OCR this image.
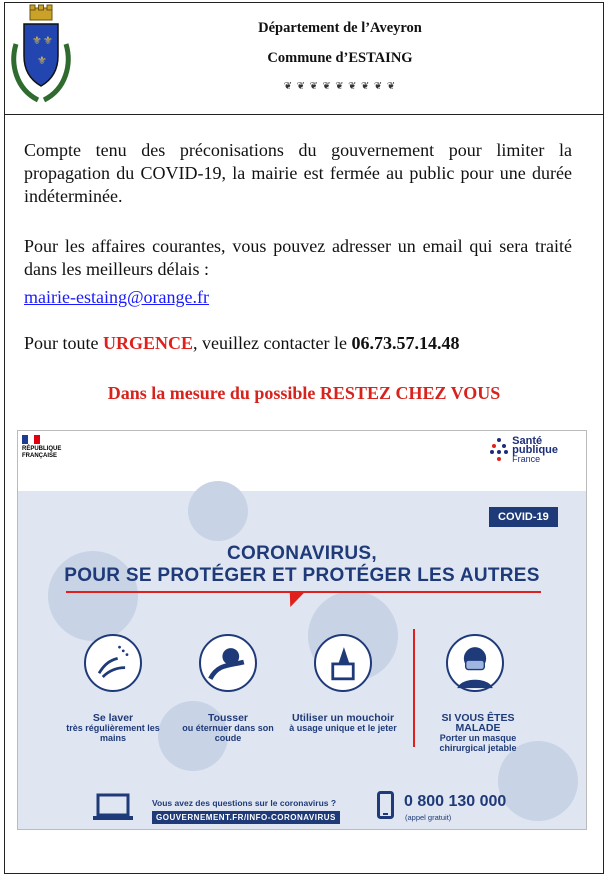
⚜ ⚜
⚜
Département de l’Aveyron
Commune d’ESTAING
❦ ❦ ❦ ❦ ❦ ❦ ❦ ❦ ❦
Compte tenu des préconisations du gouvernement pour limiter la propagation du COVID-19, la mairie est fermée au public pour une durée indéterminée.
Pour les affaires courantes, vous pouvez adresser un email qui sera traité dans les meilleurs délais :
mairie-estaing@orange.fr
Pour toute URGENCE, veuillez contacter le 06.73.57.14.48
Dans la mesure du possible RESTEZ CHEZ VOUS
RÉPUBLIQUE
FRANÇAISE
Santé
publique
France
COVID-19
CORONAVIRUS,
POUR SE PROTÉGER ET PROTÉGER LES AUTRES
Se laver
très régulièrement les mains
Tousser
ou éternuer dans son coude
Utiliser un mouchoir
à usage unique et le jeter
SI VOUS ÊTES MALADE
Porter un masque chirurgical jetable
Vous avez des questions sur le coronavirus ?
GOUVERNEMENT.FR/INFO-CORONAVIRUS
0 800 130 000
(appel gratuit)
